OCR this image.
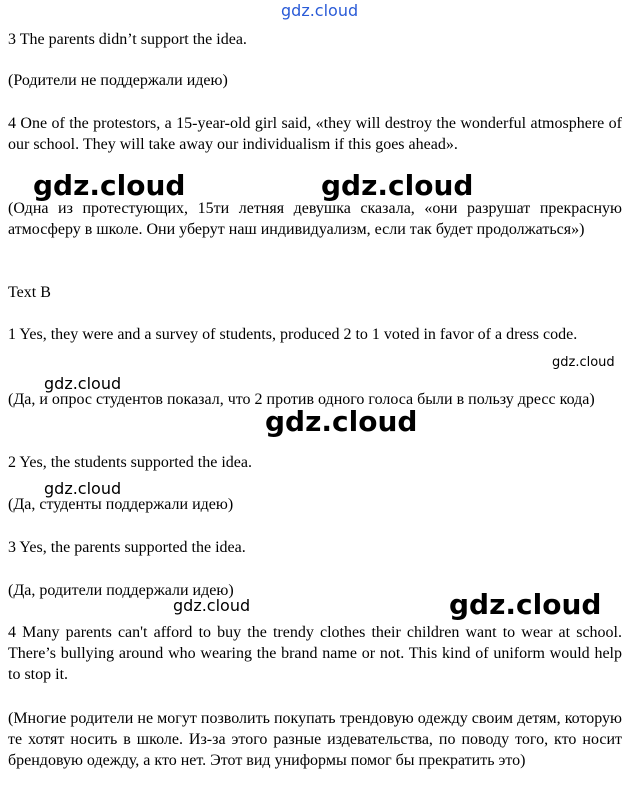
gdz.cloud

3 The parents didn’t support the idea.

(Родители не поддержали идею)

4 One of the protestors, a 15-year-old girl said, «they will destroy the wonderful atmosphere of our school. They will take away our individualism if this goes ahead».

(Одна из протестующих, 15ти летняя девушка сказала, «они разрушат прекрасную атмосферу в школе. Они уберут наш индивидуализм, если так будет продолжаться»)

Text B

1 Yes, they were and a survey of students, produced 2 to 1 voted in favor of a dress code.

(Да, и опрос студентов показал, что 2 против одного голоса были в пользу дресс кода)

2 Yes, the students supported the idea.

(Да, студенты поддержали идею)

3 Yes, the parents supported the idea.

(Да, родители поддержали идею)

4 Many parents can't afford to buy the trendy clothes their children want to wear at school. There’s bullying around who wearing the brand name or not. This kind of uniform would help to stop it.

(Многие родители не могут позволить покупать трендовую одежду своим детям, которую те хотят носить в школе. Из-за этого разные издевательства, по поводу того, кто носит брендовую одежду, а кто нет. Этот вид униформы помог бы прекратить это)

gdz.cloud	gdz.cloud
gdz.cloud
gdz.cloud
gdz.cloud
gdz.cloud
gdz.cloud	gdz.cloud
